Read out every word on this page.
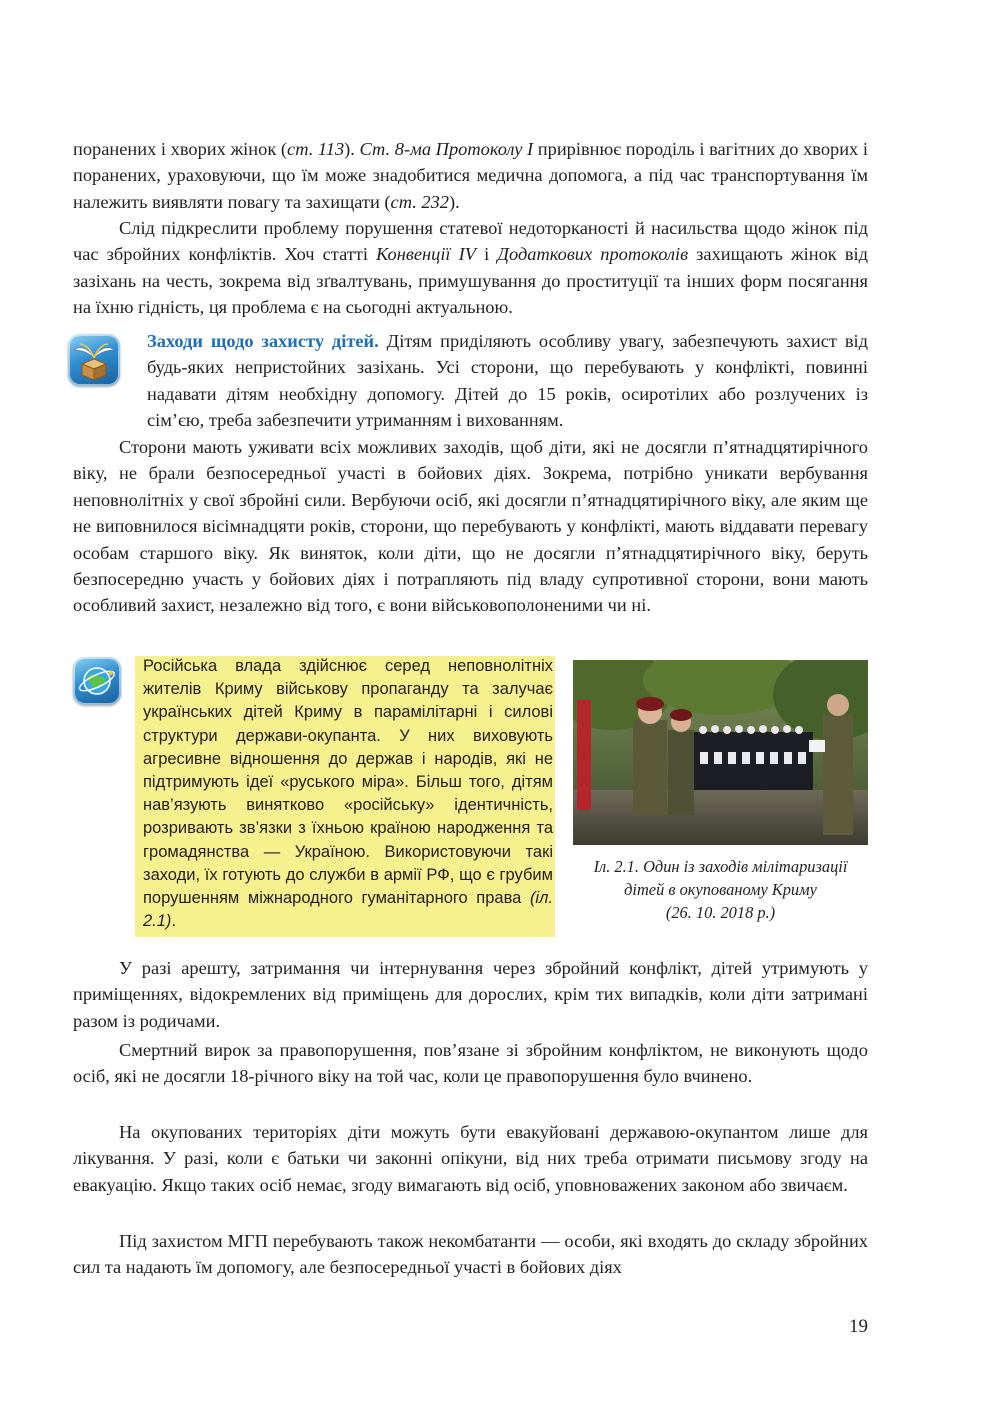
поранених і хворих жінок (ст. 113). Ст. 8-ма Протоколу I прирівнює породіль і вагітних до хворих і поранених, ураховуючи, що їм може знадобитися медична допомога, а під час транспортування їм належить виявляти повагу та захищати (ст. 232).

Слід підкреслити проблему порушення статевої недоторканості й насильства щодо жінок під час збройних конфліктів. Хоч статті Конвенції IV і Додаткових протоколів захищають жінок від зазіхань на честь, зокрема від зґвалтувань, примушування до проституції та інших форм посягання на їхню гідність, ця проблема є на сьогодні актуальною.

Заходи щодо захисту дітей. Дітям приділяють особливу увагу, забезпечують захист від будь-яких непристойних зазіхань. Усі сторони, що перебувають у конфлікті, повинні надавати дітям необхідну допомогу. Дітей до 15 років, осиротілих або розлучених із сім’єю, треба забезпечити утриманням і вихованням.

Сторони мають уживати всіх можливих заходів, щоб діти, які не досягли п’ятнадцятирічного віку, не брали безпосередньої участі в бойових діях. Зокрема, потрібно уникати вербування неповнолітніх у свої збройні сили. Вербуючи осіб, які досягли п’ятнадцятирічного віку, але яким ще не виповнилося вісімнадцяти років, сторони, що перебувають у конфлікті, мають віддавати перевагу особам старшого віку. Як виняток, коли діти, що не досягли п’ятнадцятирічного віку, беруть безпосередню участь у бойових діях і потрапляють під владу супротивної сторони, вони мають особливий захист, незалежно від того, є вони військовополоненими чи ні.

Російська влада здійснює серед неповнолітніх жителів Криму військову пропаганду та залучає українських дітей Криму в парамілітарні і силові структури держави-окупанта. У них виховують агресивне відношення до держав і народів, які не підтримують ідеї «руського міра». Більш того, дітям нав’язують винятково «російську» ідентичність, розривають зв’язки з їхньою країною народження та громадянства — Україною. Використовуючи такі заходи, їх готують до служби в армії РФ, що є грубим порушенням міжнародного гуманітарного права (іл. 2.1).

Іл. 2.1. Один із заходів мілітаризації
дітей в окупованому Криму
(26. 10. 2018 р.)

У разі арешту, затримання чи інтернування через збройний конфлікт, дітей утримують у приміщеннях, відокремлених від приміщень для дорослих, крім тих випадків, коли діти затримані разом із родичами.

Смертний вирок за правопорушення, пов’язане зі збройним конфліктом, не виконують щодо осіб, які не досягли 18-річного віку на той час, коли це правопорушення було вчинено.

На окупованих територіях діти можуть бути евакуйовані державою-окупантом лише для лікування. У разі, коли є батьки чи законні опікуни, від них треба отримати письмову згоду на евакуацію. Якщо таких осіб немає, згоду вимагають від осіб, уповноважених законом або звичаєм.

Під захистом МГП перебувають також некомбатанти — особи, які входять до складу збройних сил та надають їм допомогу, але безпосередньої участі в бойових діях

19
